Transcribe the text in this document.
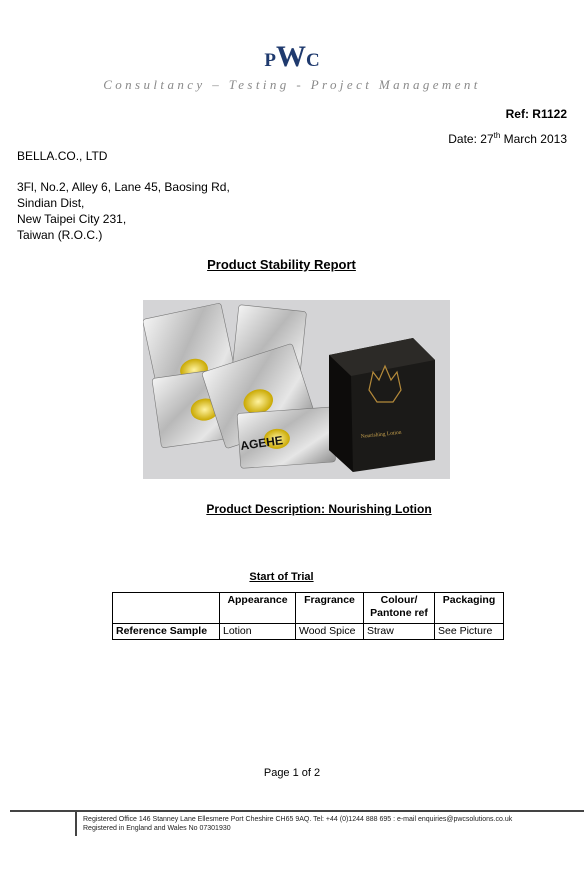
PWC
Consultancy – Testing - Project Management
Ref: R1122
Date: 27th March 2013
BELLA.CO., LTD
3Fl, No.2, Alley 6, Lane 45, Baosing Rd,
Sindian Dist,
New Taipei City 231,
Taiwan (R.O.C.)
Product Stability Report
AGEHE	Nourishing Lotion
Product Description: Nourishing Lotion
Start of Trial
	Appearance	Fragrance	Colour/ Pantone ref	Packaging
Reference Sample	Lotion	Wood Spice	Straw	See Picture
Page 1 of 2
Registered Office 146 Stanney Lane Ellesmere Port Cheshire CH65 9AQ. Tel: +44 (0)1244 888 695 : e-mail enquiries@pwcsolutions.co.uk
Registered in England and Wales No 07301930
